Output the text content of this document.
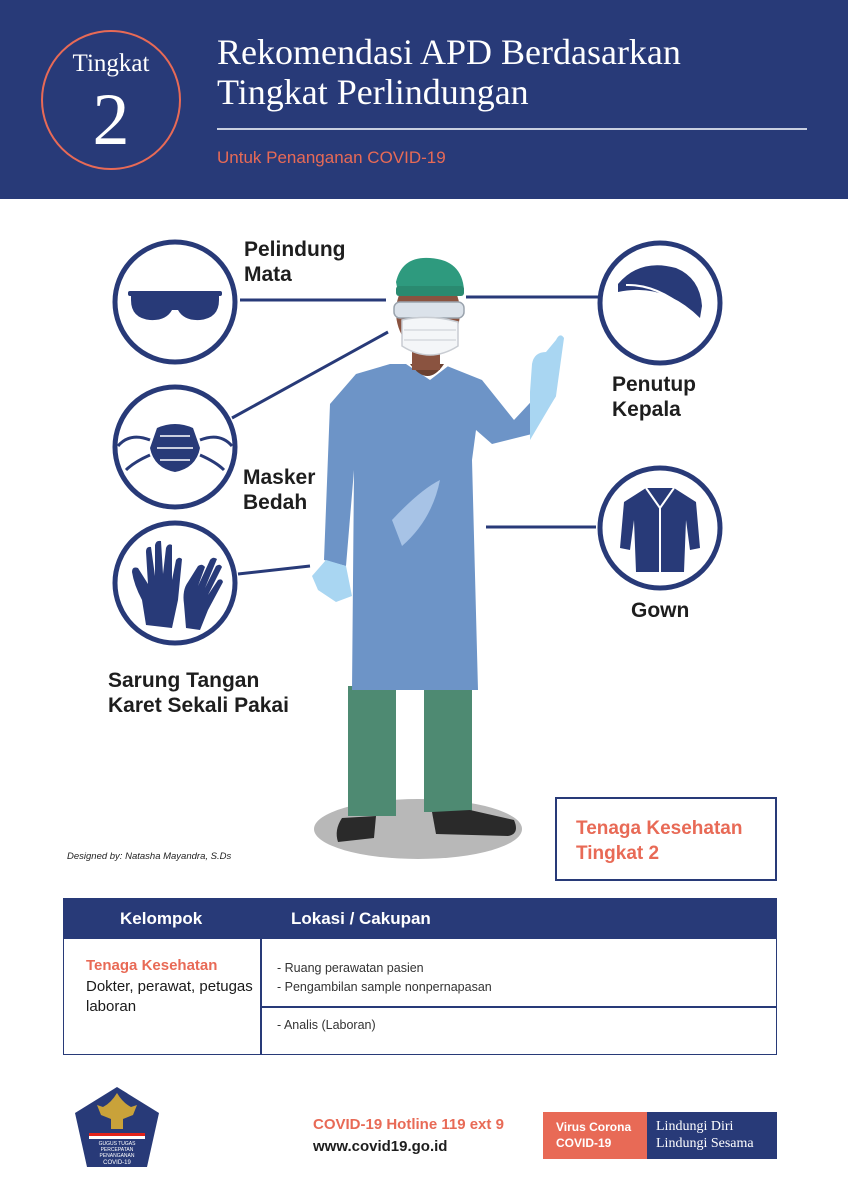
Tingkat
2
Rekomendasi APD Berdasarkan
Tingkat Perlindungan
Untuk Penanganan COVID-19
Pelindung
Mata
Masker
Bedah
Sarung Tangan
Karet Sekali Pakai
Penutup
Kepala
Gown
Designed by: Natasha Mayandra, S.Ds
Tenaga Kesehatan
Tingkat 2
Kelompok	Lokasi / Cakupan
Tenaga Kesehatan
Dokter, perawat, petugas laboran
- Ruang perawatan pasien
- Pengambilan sample nonpernapasan
- Analis (Laboran)
GUGUS TUGAS
PERCEPATAN
PENANGANAN
COVID-19
COVID-19 Hotline 119 ext 9
www.covid19.go.id
Virus Corona
COVID-19
Lindungi Diri
Lindungi Sesama
